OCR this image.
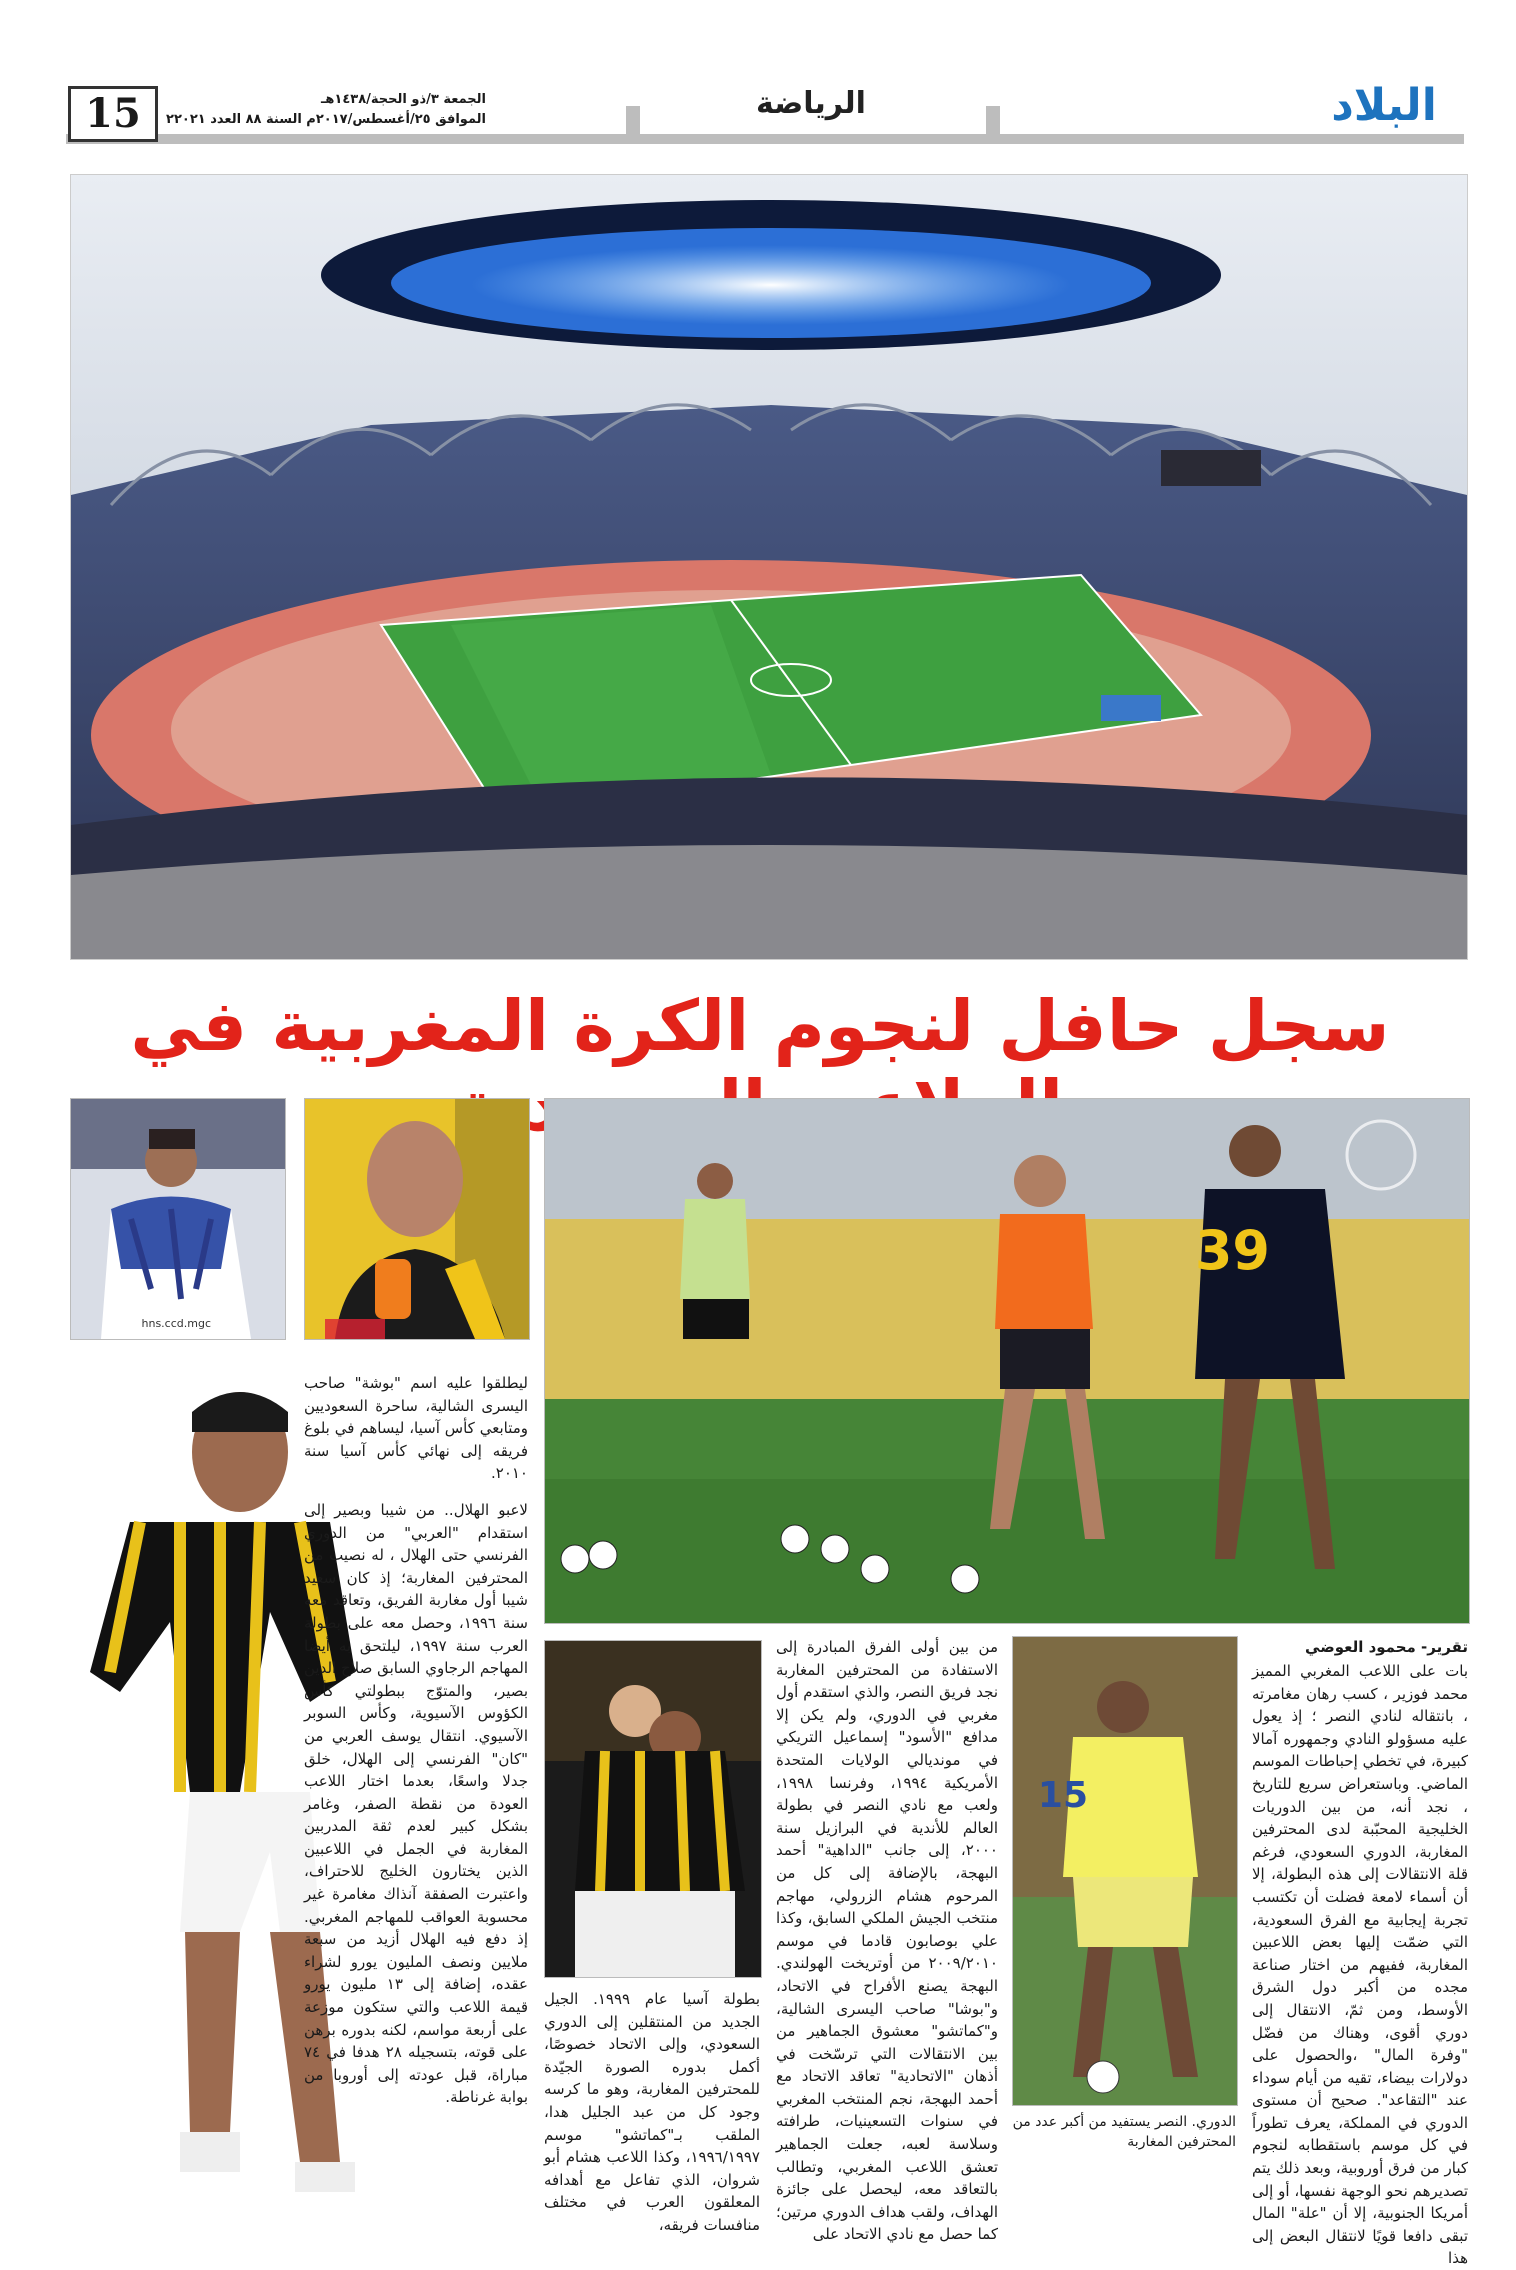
15	الجمعة ٣/ذو الحجة/١٤٣٨هـ
الموافق ٢٥/أغسطس/٢٠١٧م السنة ٨٨ العدد ٢٢٠٢١	الرياضة	البلاد
سجل حافل لنجوم الكرة المغربية في
hns.ccd.mgc
39
15
تقرير- محمود العوضي

بات على اللاعب المغربي المميز محمد فوزير ، كسب رهان مغامرته ، بانتقاله لنادي النصر ؛ إذ يعول عليه مسؤولو النادي وجمهوره آمالا كبيرة، في تخطي إحباطات الموسم الماضي. وباستعراض سريع للتاريخ ، نجد أنه، من بين الدوريات الخليجية المحبّبة لدى المحترفين المغاربة، الدوري السعودي، فرغم قلة الانتقالات إلى هذه البطولة، إلا أن أسماء لامعة فضلت أن تكتسب تجربة إيجابية مع الفرق السعودية، التي ضمّت إليها بعض اللاعبين المغاربة، ففيهم من اختار صناعة مجده من أكبر دول الشرق الأوسط، ومن ثمّ، الانتقال إلى دوري أقوى، وهناك من فضّل "وفرة المال" ،والحصول على دولارات بيضاء، تقيه من أيام سوداء عند "التقاعد". صحيح أن مستوى الدوري في المملكة، يعرف تطوراً في كل موسم باستقطابه لنجوم كبار من فرق أوروبية، وبعد ذلك يتم تصديرهم نحو الوجهة نفسها، أو إلى أمريكا الجنوبية، إلا أن "علة" المال تبقى دافعا قويًا لانتقال البعض إلى هذا

الدوري. النصر يستفيد من أكبر عدد من المحترفين المغاربة

من بين أولى الفرق المبادرة إلى الاستفادة من المحترفين المغاربة نجد فريق النصر، والذي استقدم أول مغربي في الدوري، ولم يكن إلا مدافع "الأسود" إسماعيل التريكي في مونديالي الولايات المتحدة الأمريكية ١٩٩٤، وفرنسا ١٩٩٨، ولعب مع نادي النصر في بطولة العالم للأندية في البرازيل سنة ٢٠٠٠، إلى جانب "الداهية" أحمد البهجة، بالإضافة إلى كل من المرحوم هشام الزرولي، مهاجم منتخب الجيش الملكي السابق، وكذا علي بوصابون قادما في موسم ٢٠٠٩/٢٠١٠ من أوتريخت الهولندي. البهجة يصنع الأفراح في الاتحاد، و"بوشا" صاحب اليسرى الشالية، و"كماتشو" معشوق الجماهير من بين الانتقالات التي ترسّخت في أذهان "الاتحادية" تعاقد الاتحاد مع أحمد البهجة، نجم المنتخب المغربي في سنوات التسعينيات، طرافته وسلاسة لعبه، جعلت الجماهير تعشق اللاعب المغربي، وتطالب بالتعاقد معه، ليحصل على جائزة الهداف، ولقب هداف الدوري مرتين؛ كما حصل مع نادي الاتحاد على

بطولة آسيا عام ١٩٩٩. الجيل الجديد من المنتقلين إلى الدوري السعودي، وإلى الاتحاد خصوصًا، أكمل بدوره الصورة الجيّدة للمحترفين المغاربة، وهو ما كرسه وجود كل من عبد الجليل هدا، الملقب بـ"كماتشو" موسم ١٩٩٦/١٩٩٧، وكذا اللاعب هشام أبو شروان، الذي تفاعل مع أهدافه المعلقون العرب في مختلف منافسات فريقه،

ليطلقوا عليه اسم "بوشة" صاحب اليسرى الشالية، ساحرة السعوديين ومتابعي كأس آسيا، ليساهم في بلوغ فريقه إلى نهائي كأس آسيا سنة ٢٠١٠.

لاعبو الهلال.. من شيبا وبصير إلى استقدام "العربي" من الدوري الفرنسي حتى الهلال ، له نصيب من المحترفين المغاربة؛ إذ كان سعيد شيبا أول مغاربة الفريق، وتعاقد معه سنة ١٩٩٦، وحصل معه على بطولة العرب سنة ١٩٩٧، ليلتحق به أيضا المهاجم الرجاوي السابق صلاح الدين بصير، والمتوّج ببطولتي كأس الكؤوس الآسيوية، وكأس السوبر الآسيوي. انتقال يوسف العربي من "كان" الفرنسي إلى الهلال، خلق جدلا واسعًا، بعدما اختار اللاعب العودة من نقطة الصفر، وغامر بشكل كبير لعدم ثقة المدربين المغاربة في الجمل في اللاعبين الذين يختارون الخليج للاحتراف، واعتبرت الصفقة آنذاك مغامرة غير محسوبة العواقب للمهاجم المغربي. إذ دفع فيه الهلال أزيد من سبعة ملايين ونصف المليون يورو لشراء عقده، إضافة إلى ١٣ مليون يورو قيمة اللاعب والتي ستكون موزعة على أربعة مواسم، لكنه بدوره برهن على قوته، بتسجيله ٢٨ هدفا في ٧٤ مباراة، قبل عودته إلى أوروبا من بوابة غرناطة.
